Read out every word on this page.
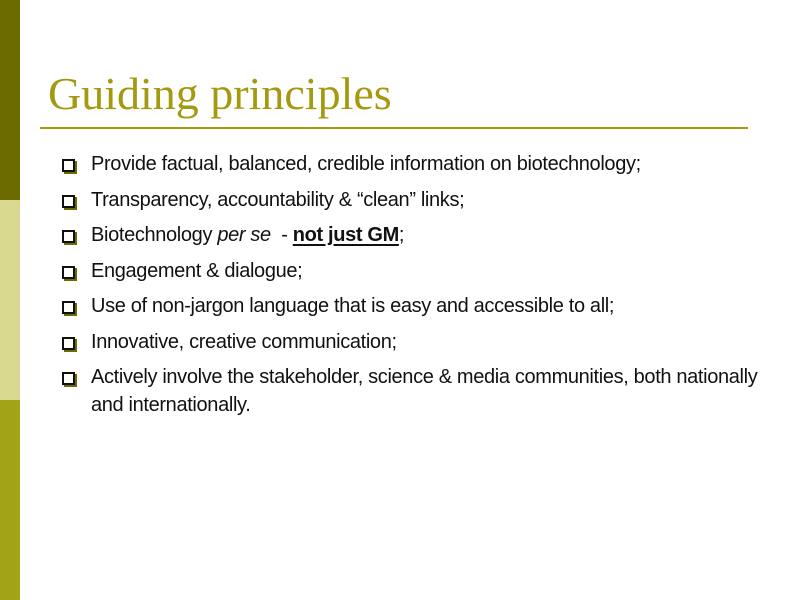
Guiding principles
Provide factual, balanced, credible information on biotechnology;
Transparency, accountability & “clean” links;
Biotechnology per se  - not just GM;
Engagement & dialogue;
Use of non-jargon language that is easy and accessible to all;
Innovative, creative communication;
Actively involve the stakeholder, science & media communities, both nationally and internationally.
